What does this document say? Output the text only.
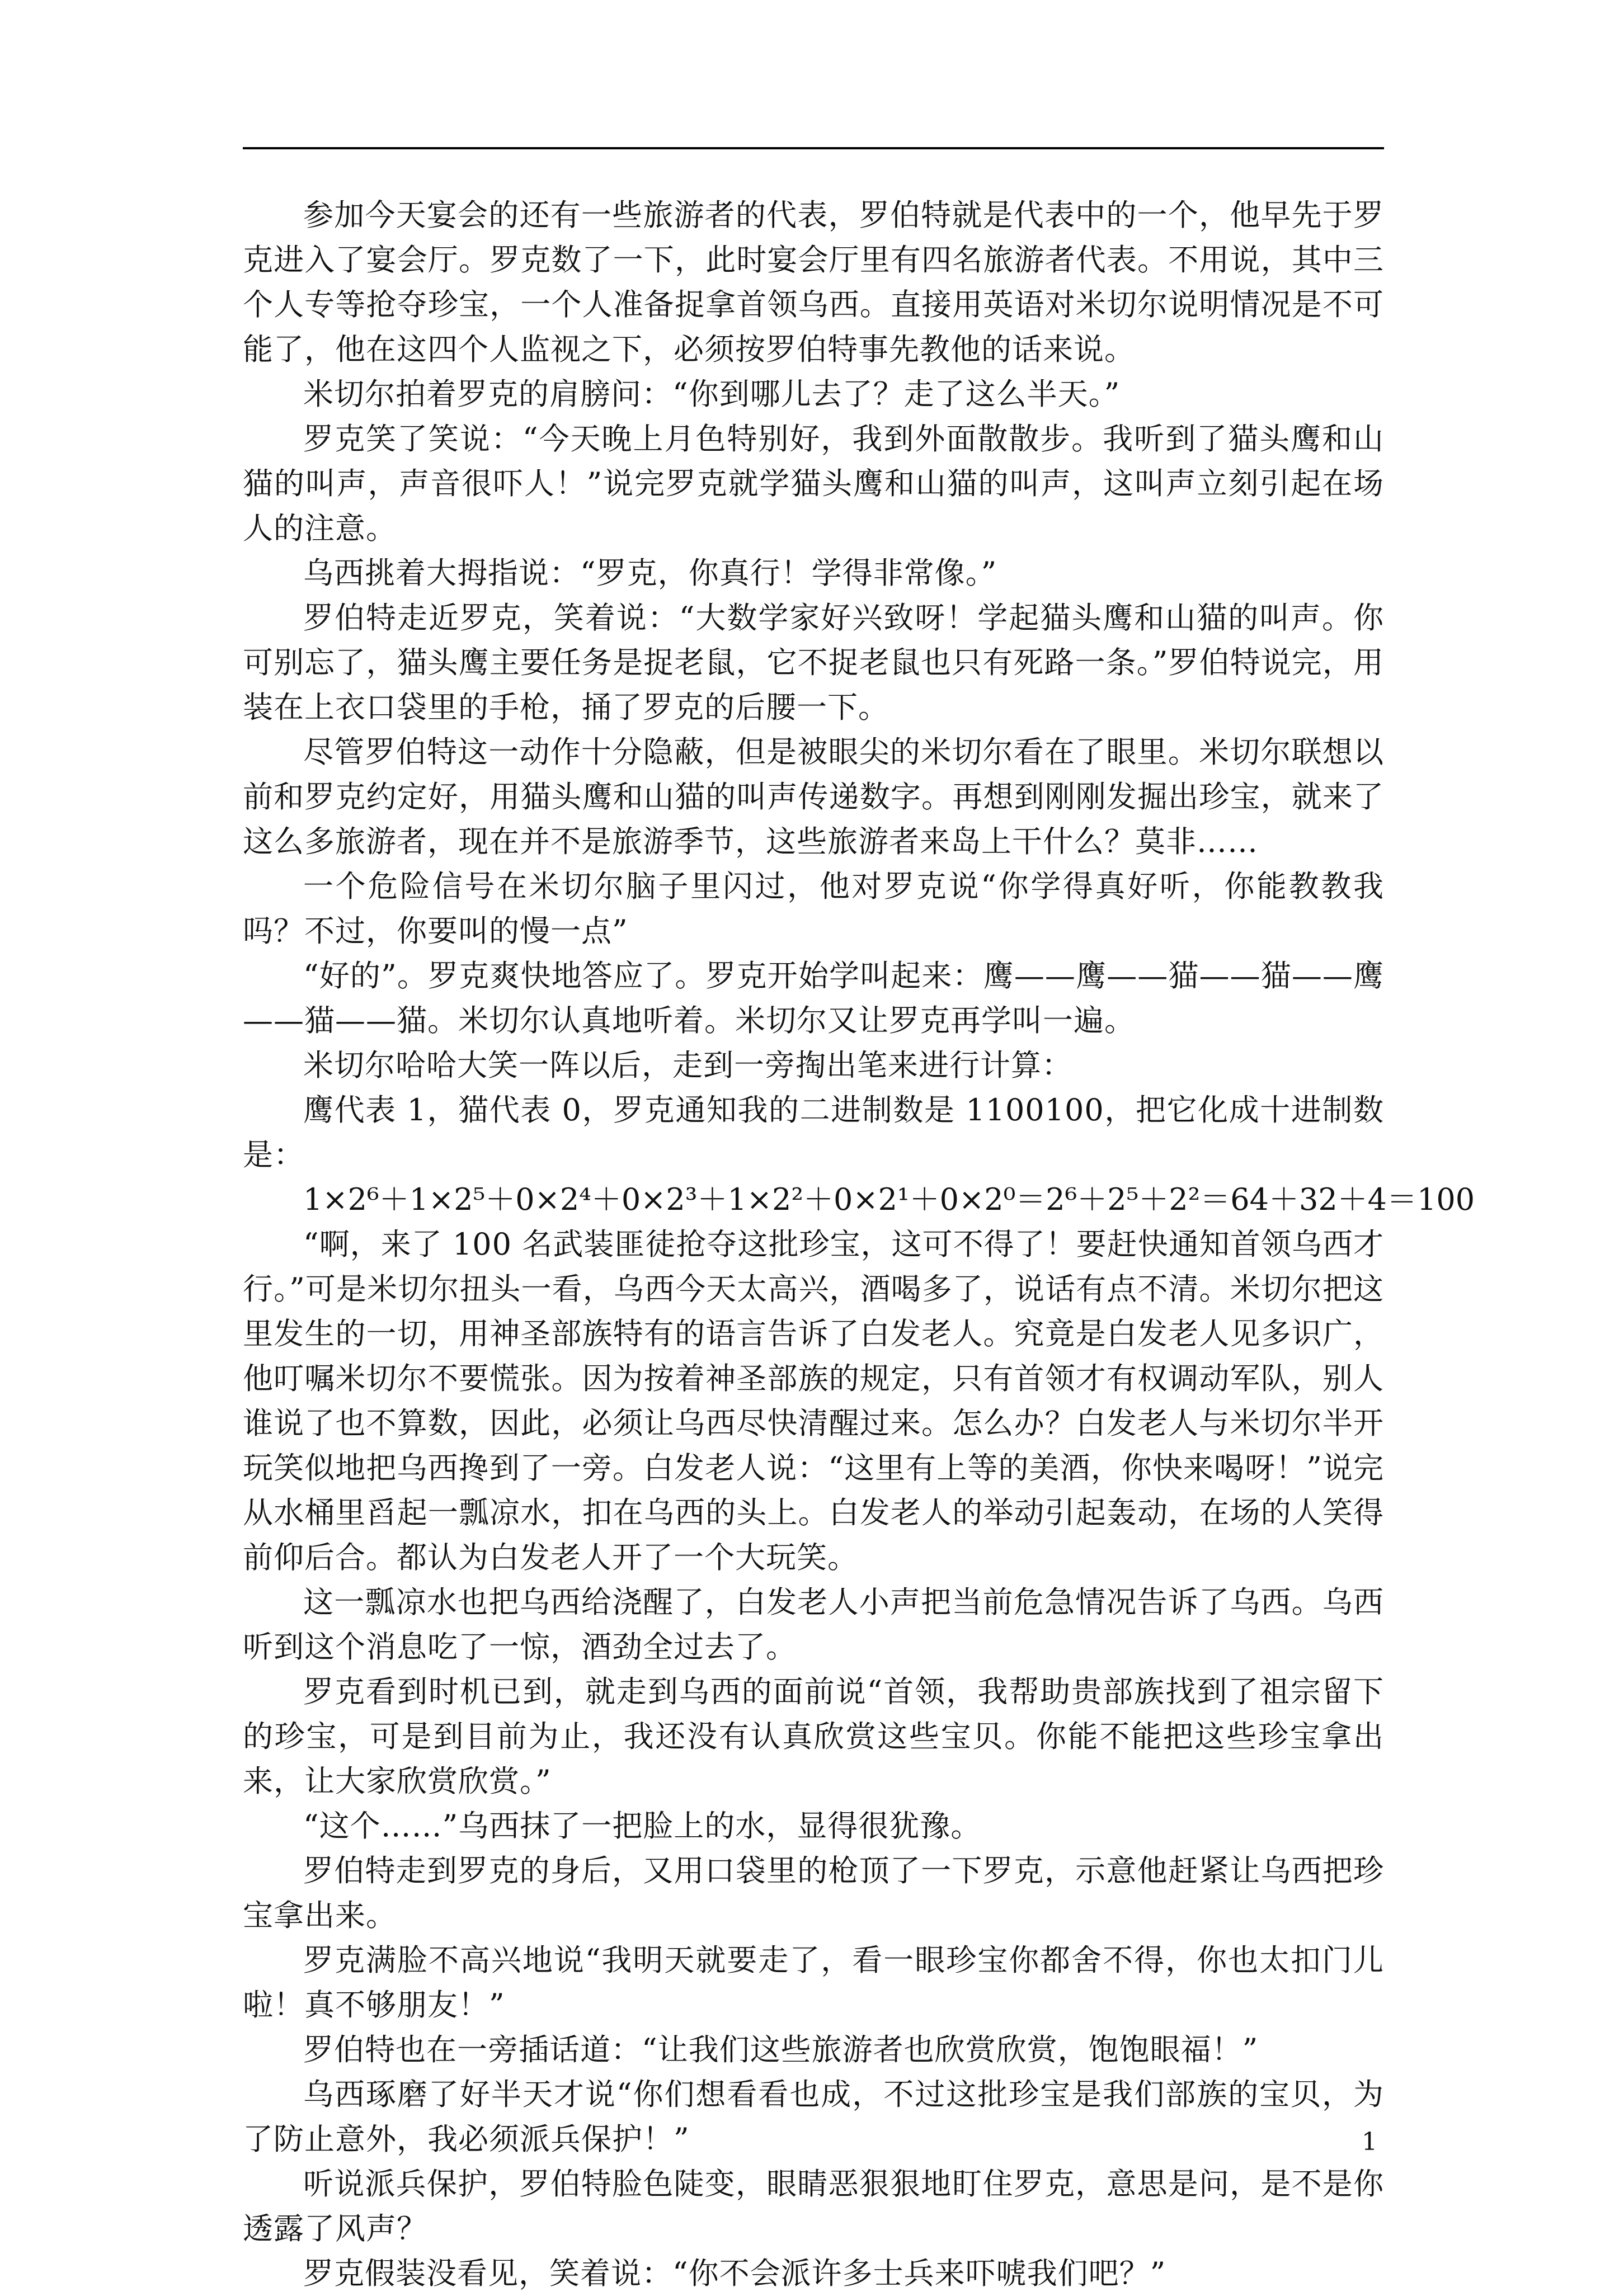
参加今天宴会的还有一些旅游者的代表，罗伯特就是代表中的一个，他早先于罗克进入了宴会厅。罗克数了一下，此时宴会厅里有四名旅游者代表。不用说，其中三个人专等抢夺珍宝，一个人准备捉拿首领乌西。直接用英语对米切尔说明情况是不可能了，他在这四个人监视之下，必须按罗伯特事先教他的话来说。

米切尔拍着罗克的肩膀问：“你到哪儿去了？走了这么半天。”

罗克笑了笑说：“今天晚上月色特别好，我到外面散散步。我听到了猫头鹰和山猫的叫声，声音很吓人！”说完罗克就学猫头鹰和山猫的叫声，这叫声立刻引起在场人的注意。

乌西挑着大拇指说：“罗克，你真行！学得非常像。”

罗伯特走近罗克，笑着说：“大数学家好兴致呀！学起猫头鹰和山猫的叫声。你可别忘了，猫头鹰主要任务是捉老鼠，它不捉老鼠也只有死路一条。”罗伯特说完，用装在上衣口袋里的手枪，捅了罗克的后腰一下。

尽管罗伯特这一动作十分隐蔽，但是被眼尖的米切尔看在了眼里。米切尔联想以前和罗克约定好，用猫头鹰和山猫的叫声传递数字。再想到刚刚发掘出珍宝，就来了这么多旅游者，现在并不是旅游季节，这些旅游者来岛上干什么？莫非……

一个危险信号在米切尔脑子里闪过，他对罗克说“你学得真好听，你能教教我吗？不过，你要叫的慢一点”

“好的”。罗克爽快地答应了。罗克开始学叫起来：鹰——鹰——猫——猫——鹰——猫——猫。米切尔认真地听着。米切尔又让罗克再学叫一遍。

米切尔哈哈大笑一阵以后，走到一旁掏出笔来进行计算：

鹰代表 1，猫代表 0，罗克通知我的二进制数是 1100100，把它化成十进制数是：

1×2⁶＋1×2⁵＋0×2⁴＋0×2³＋1×2²＋0×2¹＋0×2⁰＝2⁶＋2⁵＋2²＝64＋32＋4＝100

“啊，来了 100 名武装匪徒抢夺这批珍宝，这可不得了！要赶快通知首领乌西才行。”可是米切尔扭头一看，乌西今天太高兴，酒喝多了，说话有点不清。米切尔把这里发生的一切，用神圣部族特有的语言告诉了白发老人。究竟是白发老人见多识广，他叮嘱米切尔不要慌张。因为按着神圣部族的规定，只有首领才有权调动军队，别人谁说了也不算数，因此，必须让乌西尽快清醒过来。怎么办？白发老人与米切尔半开玩笑似地把乌西搀到了一旁。白发老人说：“这里有上等的美酒，你快来喝呀！”说完从水桶里舀起一瓢凉水，扣在乌西的头上。白发老人的举动引起轰动，在场的人笑得前仰后合。都认为白发老人开了一个大玩笑。

这一瓢凉水也把乌西给浇醒了，白发老人小声把当前危急情况告诉了乌西。乌西听到这个消息吃了一惊，酒劲全过去了。

罗克看到时机已到，就走到乌西的面前说“首领，我帮助贵部族找到了祖宗留下的珍宝，可是到目前为止，我还没有认真欣赏这些宝贝。你能不能把这些珍宝拿出来，让大家欣赏欣赏。”

“这个……”乌西抹了一把脸上的水，显得很犹豫。

罗伯特走到罗克的身后，又用口袋里的枪顶了一下罗克，示意他赶紧让乌西把珍宝拿出来。

罗克满脸不高兴地说“我明天就要走了，看一眼珍宝你都舍不得，你也太扣门儿啦！真不够朋友！”

罗伯特也在一旁插话道：“让我们这些旅游者也欣赏欣赏，饱饱眼福！”

乌西琢磨了好半天才说“你们想看看也成，不过这批珍宝是我们部族的宝贝，为了防止意外，我必须派兵保护！”

听说派兵保护，罗伯特脸色陡变，眼睛恶狠狠地盯住罗克，意思是问，是不是你透露了风声？

罗克假装没看见，笑着说：“你不会派许多士兵来吓唬我们吧？”

1
